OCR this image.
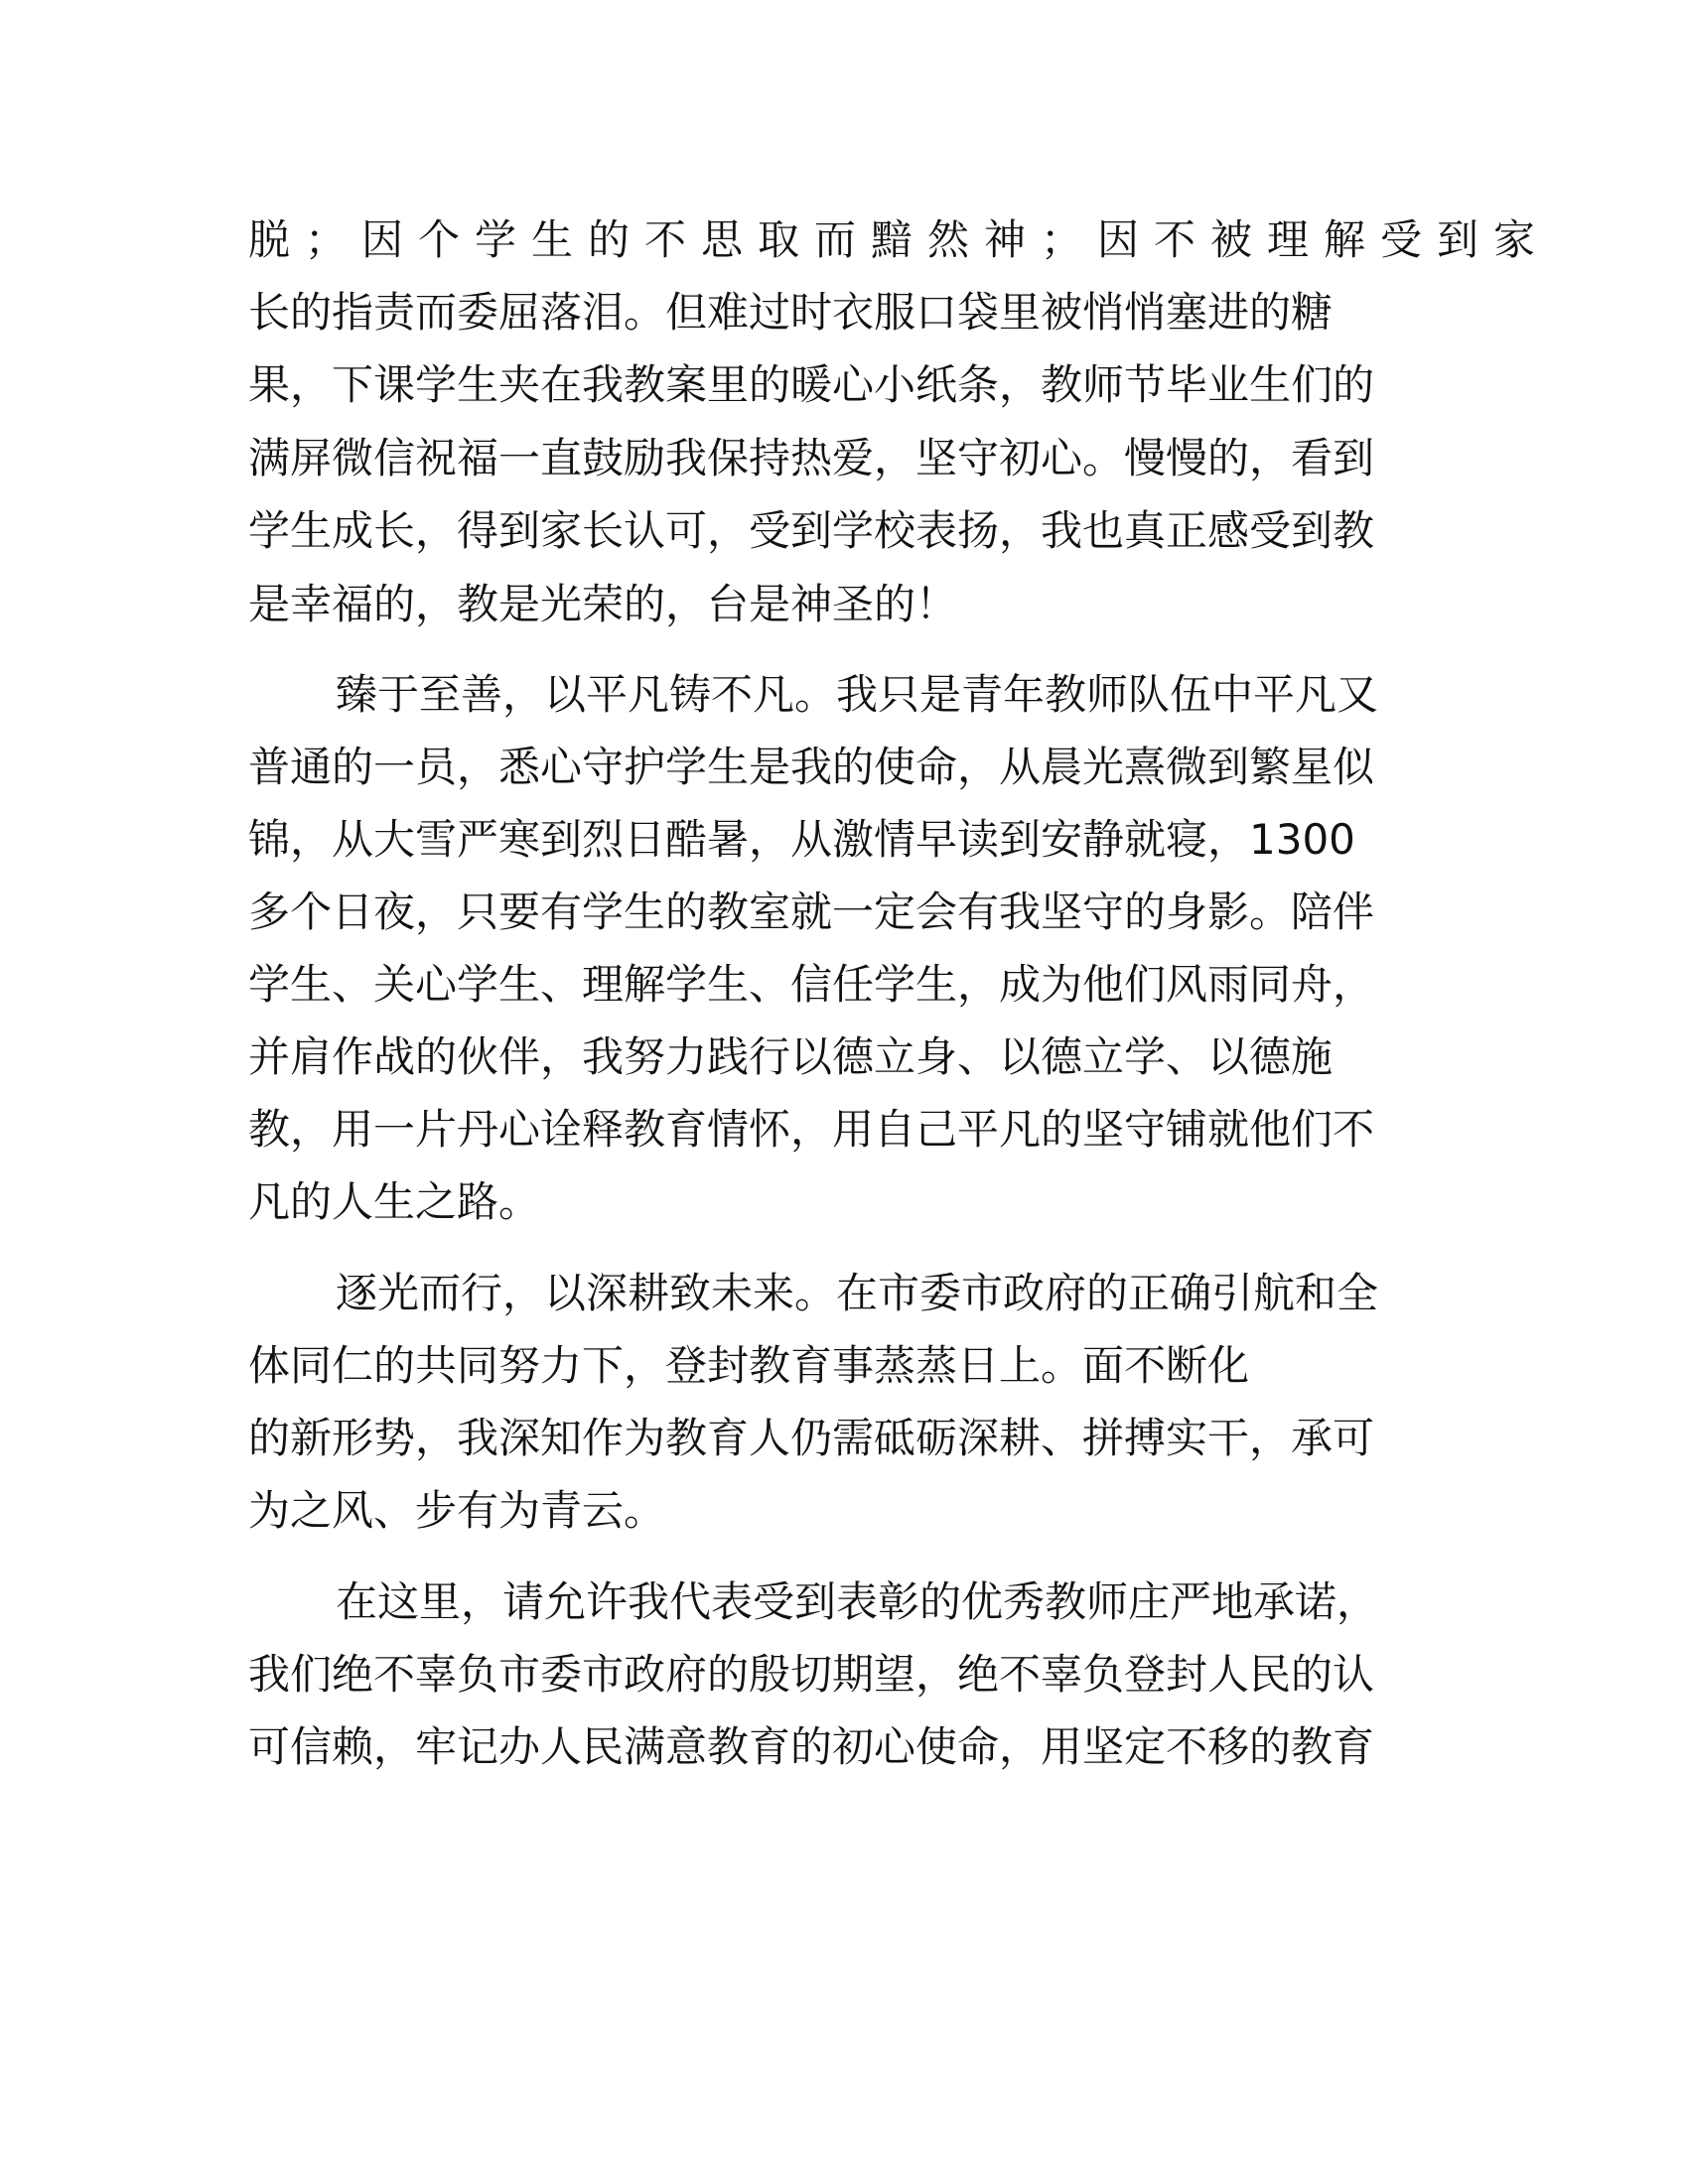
脱；因个学生的不思取而黯然神；因不被理解受到家
长的指责而委屈落泪。但难过时衣服口袋里被悄悄塞进的糖
果，下课学生夹在我教案里的暖心小纸条，教师节毕业生们的
满屏微信祝福一直鼓励我保持热爱，坚守初心。慢慢的，看到
学生成长，得到家长认可，受到学校表扬，我也真正感受到教
是幸福的，教是光荣的，台是神圣的！
臻于至善，以平凡铸不凡。我只是青年教师队伍中平凡又
普通的一员，悉心守护学生是我的使命，从晨光熹微到繁星似
锦，从大雪严寒到烈日酷暑，从激情早读到安静就寝，1300
多个日夜，只要有学生的教室就一定会有我坚守的身影。陪伴
学生、关心学生、理解学生、信任学生，成为他们风雨同舟，
并肩作战的伙伴，我努力践行以德立身、以德立学、以德施
教，用一片丹心诠释教育情怀，用自己平凡的坚守铺就他们不
凡的人生之路。
逐光而行，以深耕致未来。在市委市政府的正确引航和全
体同仁的共同努力下，登封教育事蒸蒸日上。面不断化
的新形势，我深知作为教育人仍需砥砺深耕、拼搏实干，承可
为之风、步有为青云。
在这里，请允许我代表受到表彰的优秀教师庄严地承诺，
我们绝不辜负市委市政府的殷切期望，绝不辜负登封人民的认
可信赖，牢记办人民满意教育的初心使命，用坚定不移的教育
